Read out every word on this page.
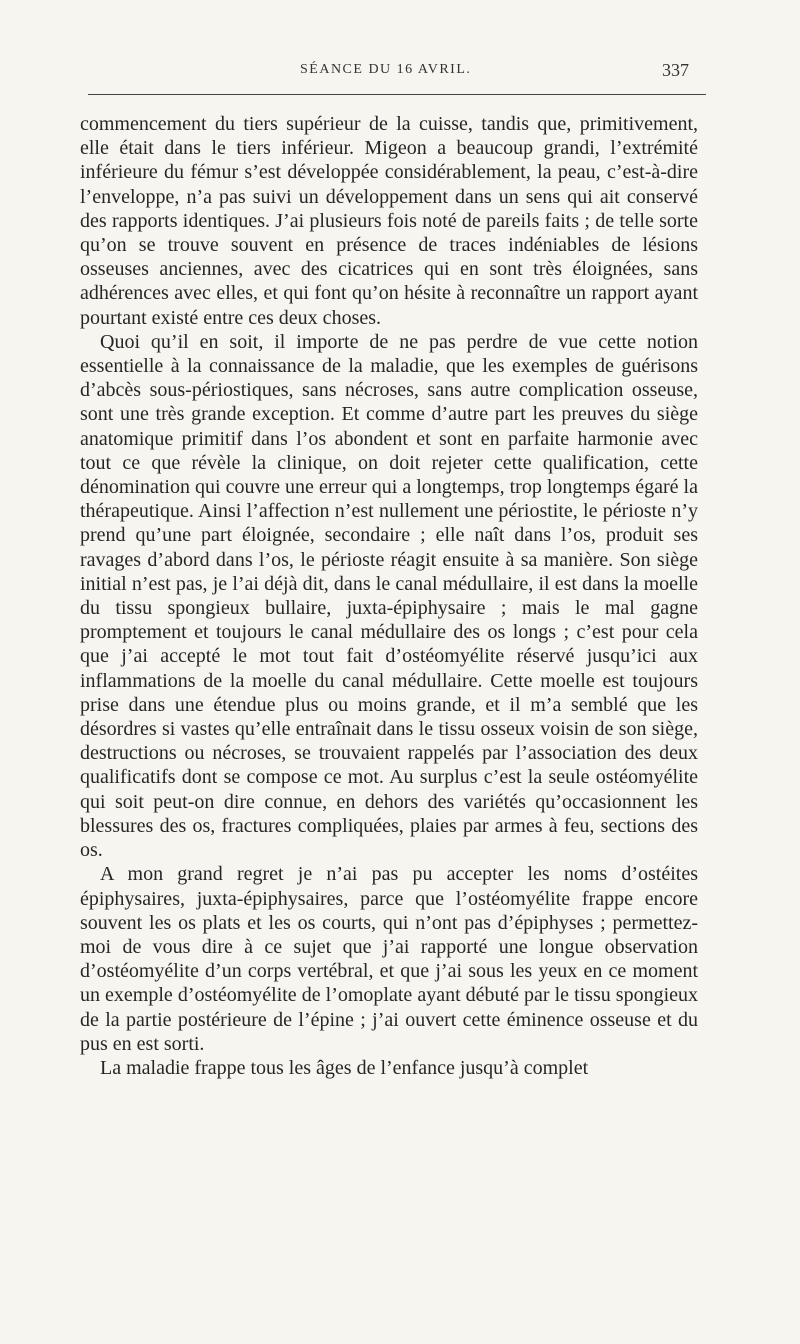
SÉANCE DU 16 AVRIL.	337

commencement du tiers supérieur de la cuisse, tandis que, primitivement, elle était dans le tiers inférieur. Migeon a beaucoup grandi, l’extrémité inférieure du fémur s’est développée considérablement, la peau, c’est-à-dire l’enveloppe, n’a pas suivi un développement dans un sens qui ait conservé des rapports identiques. J’ai plusieurs fois noté de pareils faits ; de telle sorte qu’on se trouve souvent en présence de traces indéniables de lésions osseuses anciennes, avec des cicatrices qui en sont très éloignées, sans adhérences avec elles, et qui font qu’on hésite à reconnaître un rapport ayant pourtant existé entre ces deux choses.

Quoi qu’il en soit, il importe de ne pas perdre de vue cette notion essentielle à la connaissance de la maladie, que les exemples de guérisons d’abcès sous-périostiques, sans nécroses, sans autre complication osseuse, sont une très grande exception. Et comme d’autre part les preuves du siège anatomique primitif dans l’os abondent et sont en parfaite harmonie avec tout ce que révèle la clinique, on doit rejeter cette qualification, cette dénomination qui couvre une erreur qui a longtemps, trop longtemps égaré la thérapeutique. Ainsi l’affection n’est nullement une périostite, le périoste n’y prend qu’une part éloignée, secondaire ; elle naît dans l’os, produit ses ravages d’abord dans l’os, le périoste réagit ensuite à sa manière. Son siège initial n’est pas, je l’ai déjà dit, dans le canal médullaire, il est dans la moelle du tissu spongieux bullaire, juxta-épiphysaire ; mais le mal gagne promptement et toujours le canal médullaire des os longs ; c’est pour cela que j’ai accepté le mot tout fait d’ostéomyélite réservé jusqu’ici aux inflammations de la moelle du canal médullaire. Cette moelle est toujours prise dans une étendue plus ou moins grande, et il m’a semblé que les désordres si vastes qu’elle entraînait dans le tissu osseux voisin de son siège, destructions ou nécroses, se trouvaient rappelés par l’association des deux qualificatifs dont se compose ce mot. Au surplus c’est la seule ostéomyélite qui soit peut-on dire connue, en dehors des variétés qu’occasionnent les blessures des os, fractures compliquées, plaies par armes à feu, sections des os.

A mon grand regret je n’ai pas pu accepter les noms d’ostéites épiphysaires, juxta-épiphysaires, parce que l’ostéomyélite frappe encore souvent les os plats et les os courts, qui n’ont pas d’épiphyses ; permettez-moi de vous dire à ce sujet que j’ai rapporté une longue observation d’ostéomyélite d’un corps vertébral, et que j’ai sous les yeux en ce moment un exemple d’ostéomyélite de l’omoplate ayant débuté par le tissu spongieux de la partie postérieure de l’épine ; j’ai ouvert cette éminence osseuse et du pus en est sorti.

La maladie frappe tous les âges de l’enfance jusqu’à complet
